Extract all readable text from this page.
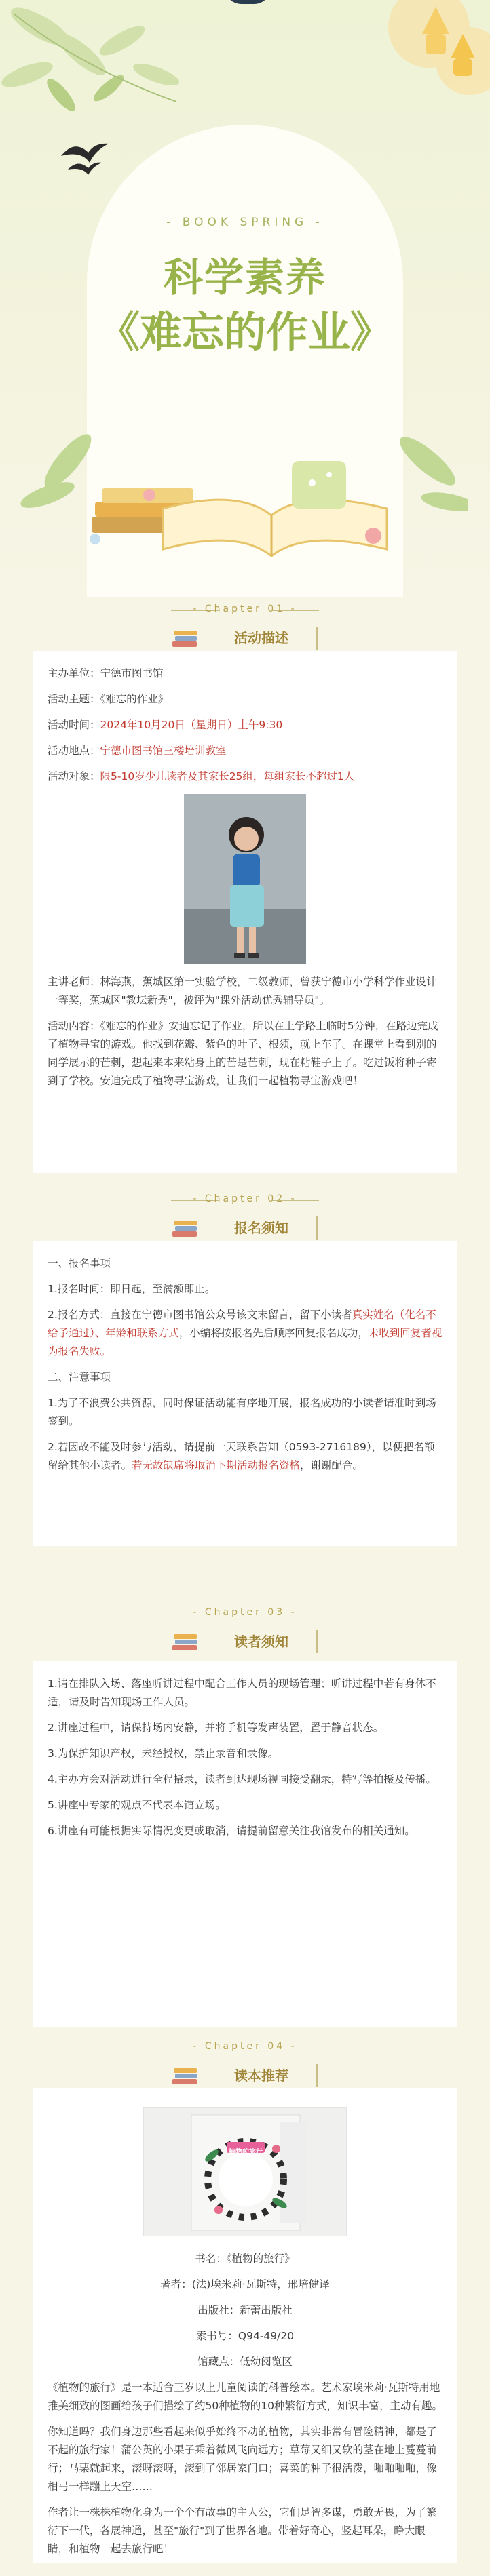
- BOOK SPRING -
科学素养
《难忘的作业》
- Chapter 01 -
活动描述

主办单位：宁德市图书馆

活动主题：《难忘的作业》

活动时间：2024年10月20日（星期日）上午9:30

活动地点：宁德市图书馆三楼培训教室

活动对象：限5-10岁少儿读者及其家长25组，每组家长不超过1人

主讲老师：林海燕，蕉城区第一实验学校，二级教师，曾获宁德市小学科学作业设计一等奖，蕉城区"教坛新秀"，被评为"课外活动优秀辅导员"。

活动内容：《难忘的作业》安迪忘记了作业，所以在上学路上临时5分钟，在路边完成了植物寻宝的游戏。他找到花瓣、紫色的叶子、根须，就上车了。在课堂上看到别的同学展示的芒刺，想起来本来粘身上的芒是芒刺，现在粘鞋子上了。吃过饭将种子寄到了学校。安迪完成了植物寻宝游戏，让我们一起植物寻宝游戏吧！

- Chapter 02 -
报名须知

一、报名事项

1.报名时间：即日起，至满额即止。

2.报名方式：直接在宁德市图书馆公众号该文末留言，留下小读者真实姓名（化名不给予通过）、年龄和联系方式，小编将按报名先后顺序回复报名成功，未收到回复者视为报名失败。

二、注意事项

1.为了不浪费公共资源，同时保证活动能有序地开展，报名成功的小读者请准时到场签到。

2.若因故不能及时参与活动，请提前一天联系告知（0593-2716189），以便把名额留给其他小读者。若无故缺席将取消下期活动报名资格，谢谢配合。

- Chapter 03 -
读者须知

1.请在排队入场、落座听讲过程中配合工作人员的现场管理；听讲过程中若有身体不适，请及时告知现场工作人员。

2.讲座过程中，请保持场内安静，并将手机等发声装置，置于静音状态。

3.为保护知识产权，未经授权，禁止录音和录像。

4.主办方会对活动进行全程摄录，读者到达现场视同接受翻录，特写等拍摄及传播。

5.讲座中专家的观点不代表本馆立场。

6.讲座有可能根据实际情况变更或取消，请提前留意关注我馆发布的相关通知。

- Chapter 04 -
读本推荐
植物的旅行

书名：《植物的旅行》

著者：(法)埃米莉·瓦斯特，邢培健译

出版社：新蕾出版社

索书号：Q94-49/20

馆藏点：低幼阅览区

《植物的旅行》是一本适合三岁以上儿童阅读的科普绘本。艺术家埃米莉·瓦斯特用地推美细致的图画给孩子们描绘了约50种植物的10种繁衍方式，知识丰富，主动有趣。

你知道吗？我们身边那些看起来似乎始终不动的植物，其实非常有冒险精神，都是了不起的旅行家！蒲公英的小果子乘着微风飞向远方；草莓又细又软的茎在地上蔓蔓前行；马栗就起来，滚呀滚呀，滚到了邻居家门口；喜菜的种子很活泼，啪啪啪啪，像相弓一样蹦上天空……

作者让一株株植物化身为一个个有故事的主人公，它们足智多谋，勇敢无畏，为了繁衍下一代，各展神通，甚至"旅行"到了世界各地。带着好奇心，竖起耳朵，睁大眼睛，和植物一起去旅行吧！
